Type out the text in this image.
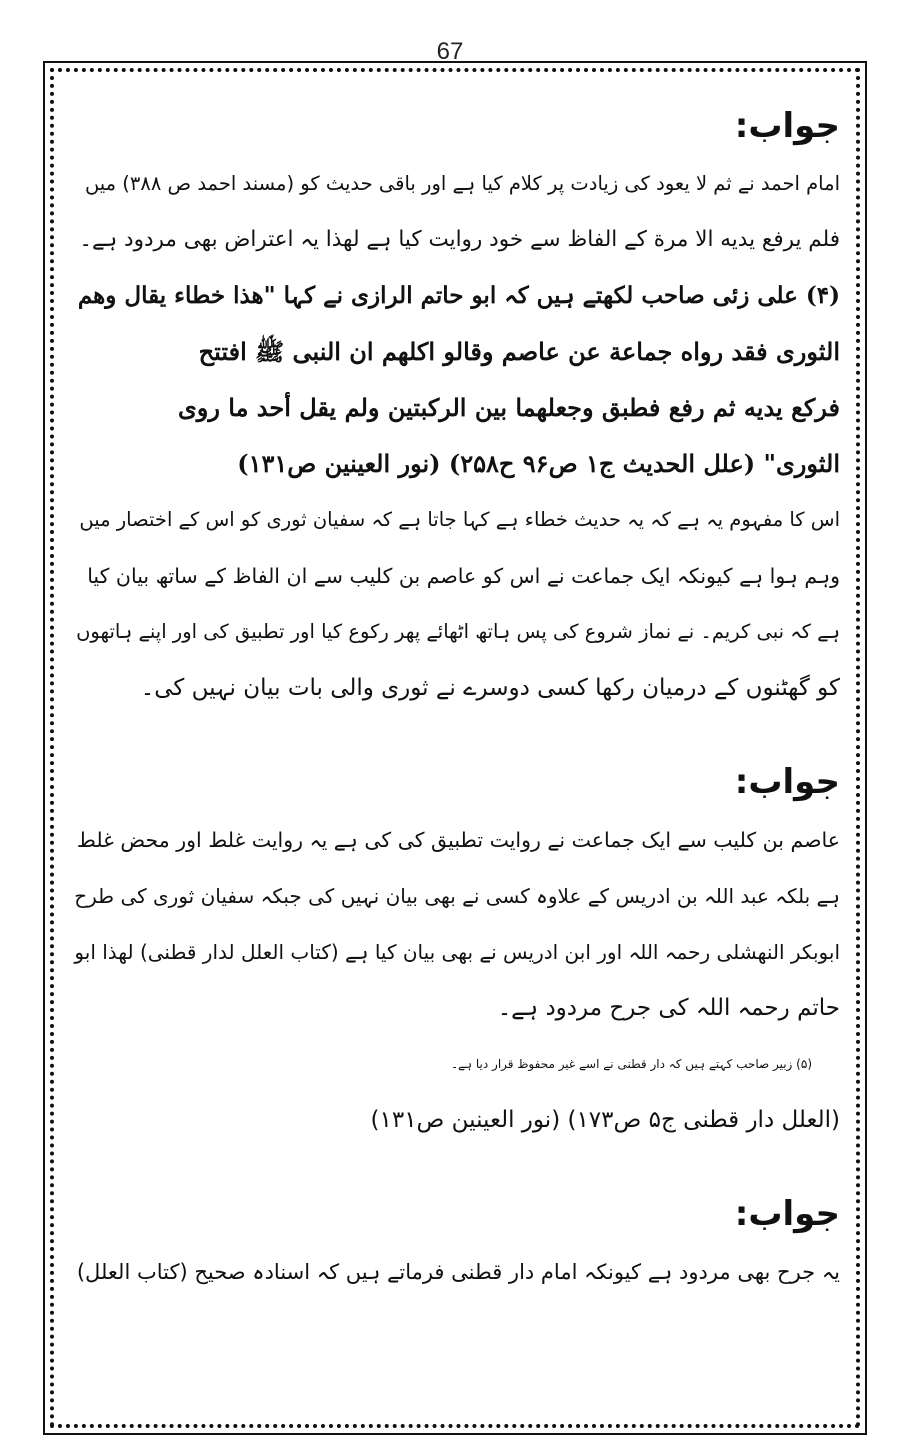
67
جواب:

امام احمد نے ثم لا یعود کی زیادت پر کلام کیا ہے اور باقی حدیث کو (مسند احمد ص ۳۸۸) میں

فلم یرفع یدیه الا مرة کے الفاظ سے خود روایت کیا ہے لھذا یہ اعتراض بھی مردود ہے۔

(۴) علی زئی صاحب لکھتے ہیں کہ ابو حاتم الرازی نے کہا "هذا خطاء یقال وهم

الثوری فقد رواه جماعة عن عاصم وقالو اکلهم ان النبی ﷺ افتتح

فرکع یدیه ثم رفع فطبق وجعلهما بین الرکبتین ولم یقل أحد ما روی

الثوری" (علل الحدیث ج۱ ص۹۶ ح۲۵۸) (نور العینین ص۱۳۱)

اس کا مفہوم یہ ہے کہ یہ حدیث خطاء ہے کہا جاتا ہے کہ سفیان ثوری کو اس کے اختصار میں

وہم ہوا ہے کیونکہ ایک جماعت نے اس کو عاصم بن کلیب سے ان الفاظ کے ساتھ بیان کیا

ہے کہ نبی کریم۔ نے نماز شروع کی پس ہاتھ اٹھائے پھر رکوع کیا اور تطبیق کی اور اپنے ہاتھوں

کو گھٹنوں کے درمیان رکھا کسی دوسرے نے ثوری والی بات بیان نہیں کی۔

جواب:

عاصم بن کلیب سے ایک جماعت نے روایت تطبیق کی کی ہے یہ روایت غلط اور محض غلط

ہے بلکہ عبد اللہ بن ادریس کے علاوہ کسی نے بھی بیان نہیں کی جبکہ سفیان ثوری کی طرح

ابوبکر النھشلی رحمہ اللہ اور ابن ادریس نے بھی بیان کیا ہے (کتاب العلل لدار قطنی) لھذا ابو

حاتم رحمہ اللہ کی جرح مردود ہے۔

(۵) زبیر صاحب کہتے ہیں کہ دار قطنی نے اسے غیر محفوظ قرار دیا ہے۔

(العلل دار قطنی ج۵ ص۱۷۳) (نور العینین ص۱۳۱)

جواب:

یہ جرح بھی مردود ہے کیونکہ امام دار قطنی فرماتے ہیں کہ اسنادہ صحیح (کتاب العلل)
